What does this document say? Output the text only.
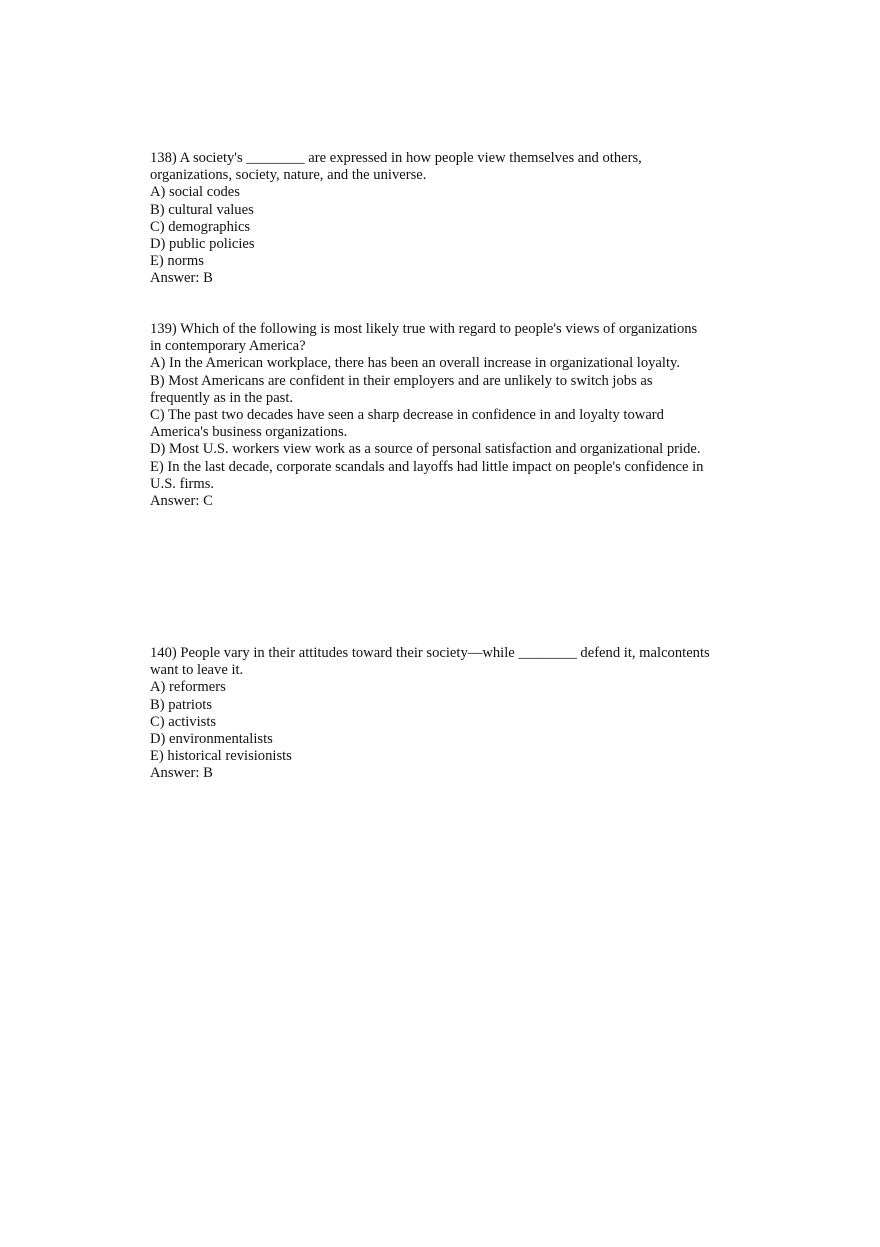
138) A society's ________ are expressed in how people view themselves and others,
organizations, society, nature, and the universe.
A) social codes
B) cultural values
C) demographics
D) public policies
E) norms
Answer: B
139) Which of the following is most likely true with regard to people's views of organizations
in contemporary America?
A) In the American workplace, there has been an overall increase in organizational loyalty.
B) Most Americans are confident in their employers and are unlikely to switch jobs as
frequently as in the past.
C) The past two decades have seen a sharp decrease in confidence in and loyalty toward
America's business organizations.
D) Most U.S. workers view work as a source of personal satisfaction and organizational pride.
E) In the last decade, corporate scandals and layoffs had little impact on people's confidence in
U.S. firms.
Answer: C
140) People vary in their attitudes toward their society—while ________ defend it, malcontents
want to leave it.
A) reformers
B) patriots
C) activists
D) environmentalists
E) historical revisionists
Answer: B
